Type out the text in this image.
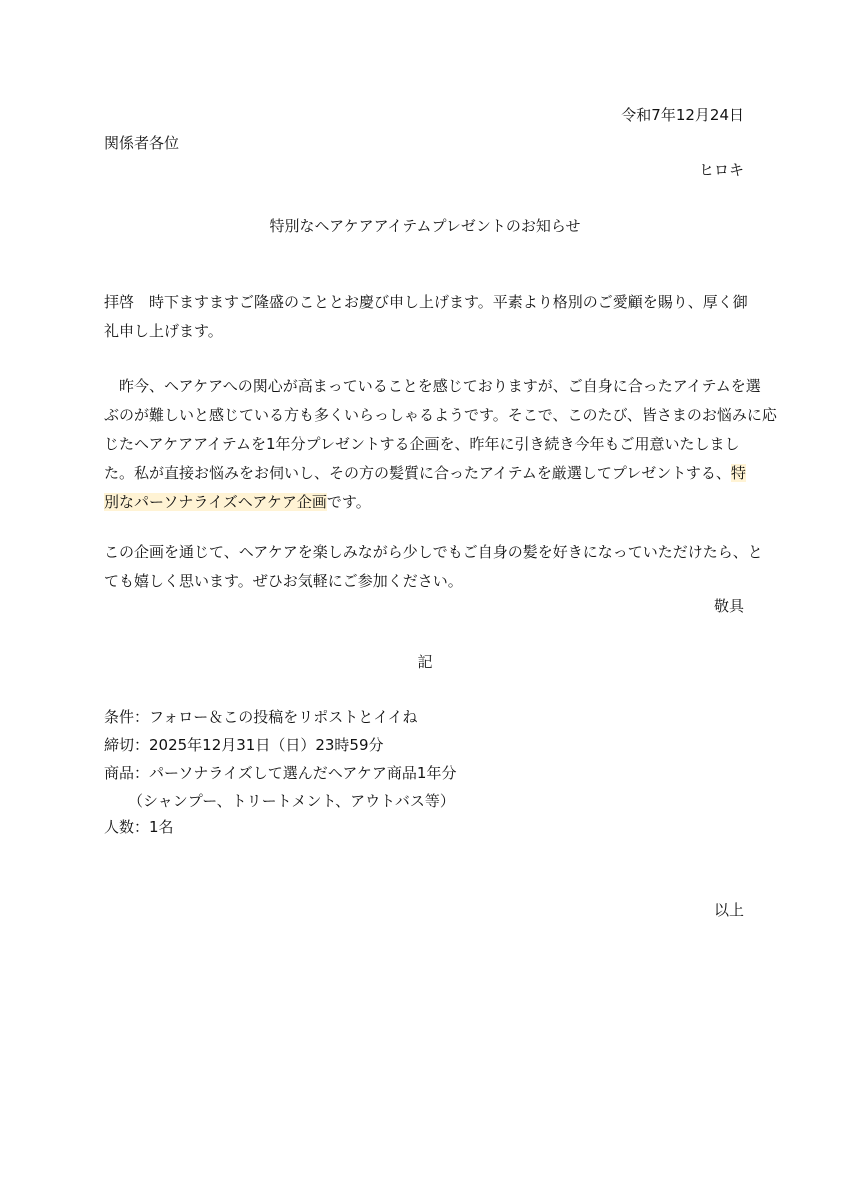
令和7年12月24日

関係者各位

ヒロキ

特別なヘアケアアイテムプレゼントのお知らせ

拝啓　時下ますますご隆盛のこととお慶び申し上げます。平素より格別のご愛顧を賜り、厚く御
礼申し上げます。
　昨今、ヘアケアへの関心が高まっていることを感じておりますが、ご自身に合ったアイテムを選
ぶのが難しいと感じている方も多くいらっしゃるようです。そこで、このたび、皆さまのお悩みに応
じたヘアケアアイテムを1年分プレゼントする企画を、昨年に引き続き今年もご用意いたしまし
た。私が直接お悩みをお伺いし、その方の髪質に合ったアイテムを厳選してプレゼントする、特
別なパーソナライズヘアケア企画です。
この企画を通じて、ヘアケアを楽しみながら少しでもご自身の髪を好きになっていただけたら、と
ても嬉しく思います。ぜひお気軽にご参加ください。

敬具

記

条件：フォロー＆この投稿をリポストとイイね

締切：2025年12月31日（日）23時59分

商品：パーソナライズして選んだヘアケア商品1年分

（シャンプー、トリートメント、アウトバス等）

人数：1名

以上
